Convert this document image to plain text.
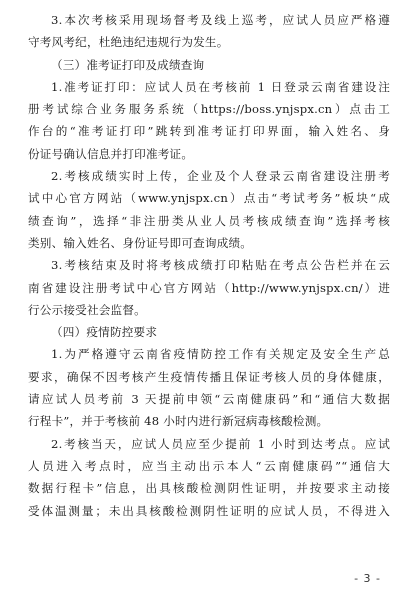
3.本次考核采用现场督考及线上巡考，应试人员应严格遵
守考风考纪，杜绝违纪违规行为发生。
（三）准考证打印及成绩查询
1.准考证打印：应试人员在考核前 1 日登录云南省建设注
册考试综合业务服务系统（https://boss.ynjspx.cn）点击工
作台的“准考证打印”跳转到准考证打印界面，输入姓名、身
份证号确认信息并打印准考证。
2.考核成绩实时上传，企业及个人登录云南省建设注册考
试中心官方网站（www.ynjspx.cn）点击“考试考务”板块“成
绩查询”，选择“非注册类从业人员考核成绩查询”选择考核
类别、输入姓名、身份证号即可查询成绩。
3.考核结束及时将考核成绩打印粘贴在考点公告栏并在云
南省建设注册考试中心官方网站（http://www.ynjspx.cn/）进
行公示接受社会监督。
（四）疫情防控要求
1.为严格遵守云南省疫情防控工作有关规定及安全生产总
要求，确保不因考核产生疫情传播且保证考核人员的身体健康，
请应试人员考前 3 天提前申领“云南健康码”和“通信大数据
行程卡”，并于考核前 48 小时内进行新冠病毒核酸检测。
2.考核当天，应试人员应至少提前 1 小时到达考点。应试
人员进入考点时，应当主动出示本人“云南健康码”“通信大
数据行程卡”信息，出具核酸检测阴性证明，并按要求主动接
受体温测量；未出具核酸检测阴性证明的应试人员，不得进入
- 3 -
